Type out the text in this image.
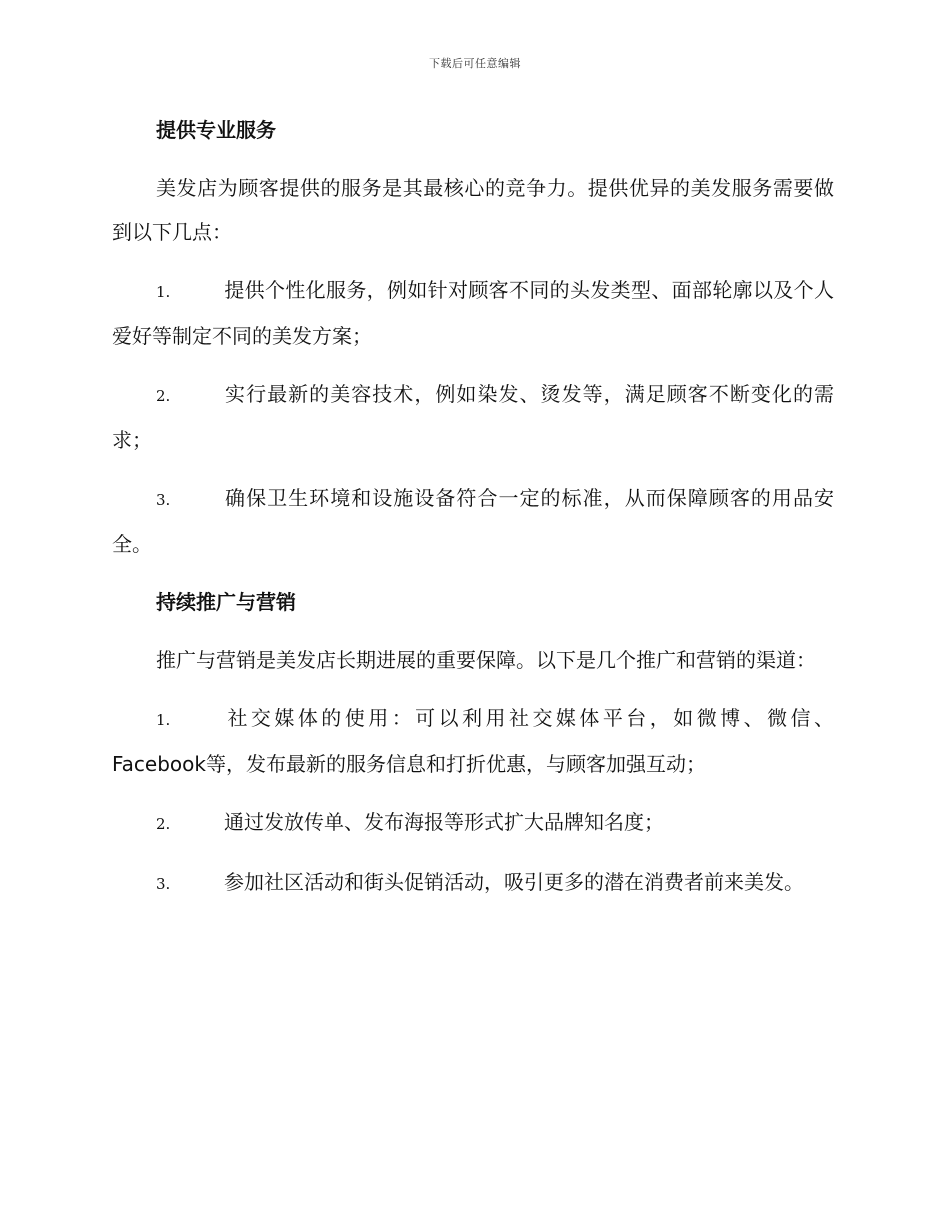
下载后可任意编辑
提供专业服务

美发店为顾客提供的服务是其最核心的竞争力。提供优异的美发服务需要做到以下几点：

1.	提供个性化服务，例如针对顾客不同的头发类型、面部轮廓以及个人爱好等制定不同的美发方案；

2.	实行最新的美容技术，例如染发、烫发等，满足顾客不断变化的需求；

3.	确保卫生环境和设施设备符合一定的标准，从而保障顾客的用品安全。

持续推广与营销

推广与营销是美发店长期进展的重要保障。以下是几个推广和营销的渠道：

1.	社交媒体的使用：可以利用社交媒体平台，如微博、微信、Facebook等，发布最新的服务信息和打折优惠，与顾客加强互动；

2.	通过发放传单、发布海报等形式扩大品牌知名度；

3.	参加社区活动和街头促销活动，吸引更多的潜在消费者前来美发。
